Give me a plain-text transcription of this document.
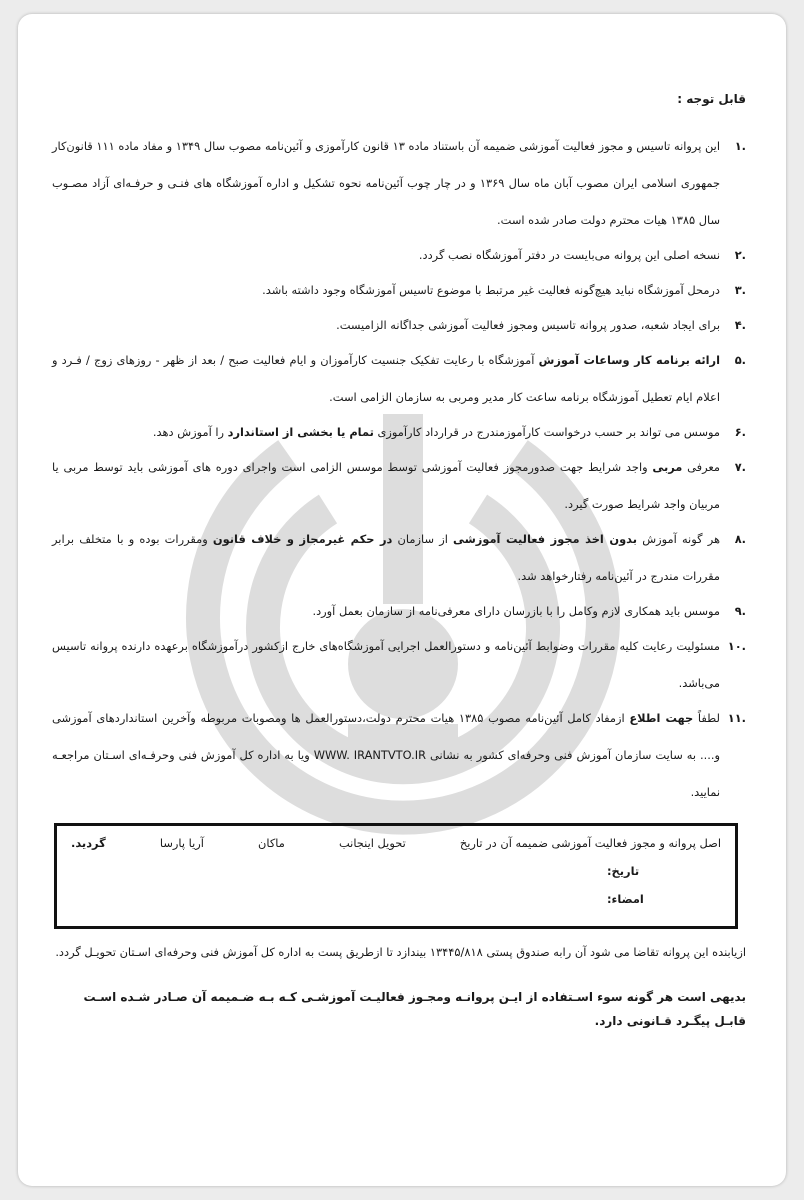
قابل توجه :
.۱
این پروانه تاسیس و مجوز فعالیت آموزشی ضمیمه آن باستناد ماده ۱۳ قانون کارآموزی و آئین‌نامه مصوب سال ۱۳۴۹ و مفاد ماده ۱۱۱ قانون‌کار جمهوری اسلامی ایران مصوب آبان ماه سال ۱۳۶۹ و در چار چوب آئین‌نامه نحوه تشکیل و اداره آموزشگاه های فنـی و حرفـه‌ای آزاد مصـوب سال ۱۳۸۵ هیات محترم دولت صادر شده است.
.۲
نسخه اصلی این پروانه می‌بایست در دفتر آموزشگاه نصب گردد.
.۳
درمحل آموزشگاه نباید هیچ‌گونه فعالیت غیر مرتبط با موضوع تاسیس آموزشگاه وجود داشته باشد.
.۴
برای ایجاد شعبه، صدور پروانه تاسیس ومجوز فعالیت آموزشی جداگانه الزامیست.
.۵
ارائه برنامه کار وساعات آموزش آموزشگاه با رعایت تفکیک جنسیت کارآموزان و ایام فعالیت صبح / بعد از ظهر - روزهای زوج / فـرد و اعلام ایام تعطیل آموزشگاه برنامه ساعت کار مدیر ومربی به سازمان الزامی است.
.۶
موسس می تواند بر حسب درخواست کارآموزمندرج در قرارداد کارآموزی تمام یا بخشی از استاندارد را آموزش دهد.
.۷
معرفی مربی واجد شرایط جهت صدورمجوز فعالیت آموزشی توسط موسس الزامی است واجرای دوره های آموزشی باید توسط مربی یا مربیان واجد شرایط صورت گیرد.
.۸
هر گونه آموزش بدون اخذ مجوز فعالیت آموزشی از سازمان در حکم غیرمجاز و خلاف قانون ومقررات بوده و با متخلف برابر مقررات مندرج در آئین‌نامه رفتارخواهد شد.
.۹
موسس باید همکاری لازم وکامل را با بازرسان دارای معرفی‌نامه از سازمان بعمل آورد.
.۱۰
مسئولیت رعایت کلیه مقررات وضوابط آئین‌نامه و دستورالعمل اجرایی آموزشگاه‌های خارج ازکشور درآموزشگاه برعهده دارنده پروانه تاسیس می‌باشد.
.۱۱
لطفاً جهت اطلاع ازمفاد کامل آئین‌نامه مصوب ۱۳۸۵ هیات محترم دولت،دستورالعمل ها ومصوبات مربوطه وآخرین استانداردهای آموزشی و.... به سایت سازمان آموزش فنی وحرفه‌ای کشور به نشانی WWW. IRANTVTO.IR ویا به اداره کل آموزش فنی وحرفـه‌ای اسـتان مراجعـه نمایید.
اصل پروانه و مجوز فعالیت آموزشی ضمیمه آن در تاریخ
تحویل اینجانب
ماکان
آریا پارسا
گردید.
تاریخ:
امضاء:

ازیابنده این پروانه تقاضا می شود آن رابه صندوق پستی ۱۳۴۴۵/۸۱۸ بیندازد تا ازطریق پست به اداره کل آموزش فنی وحرفه‌ای اسـتان تحویـل گردد.

بدیهی است هر گونه سوء اسـتفاده از ایـن پروانـه ومجـوز فعالیـت آموزشـی کـه بـه ضـمیمه آن صـادر شـده اسـت قابـل پیگـرد قـانونی دارد.
